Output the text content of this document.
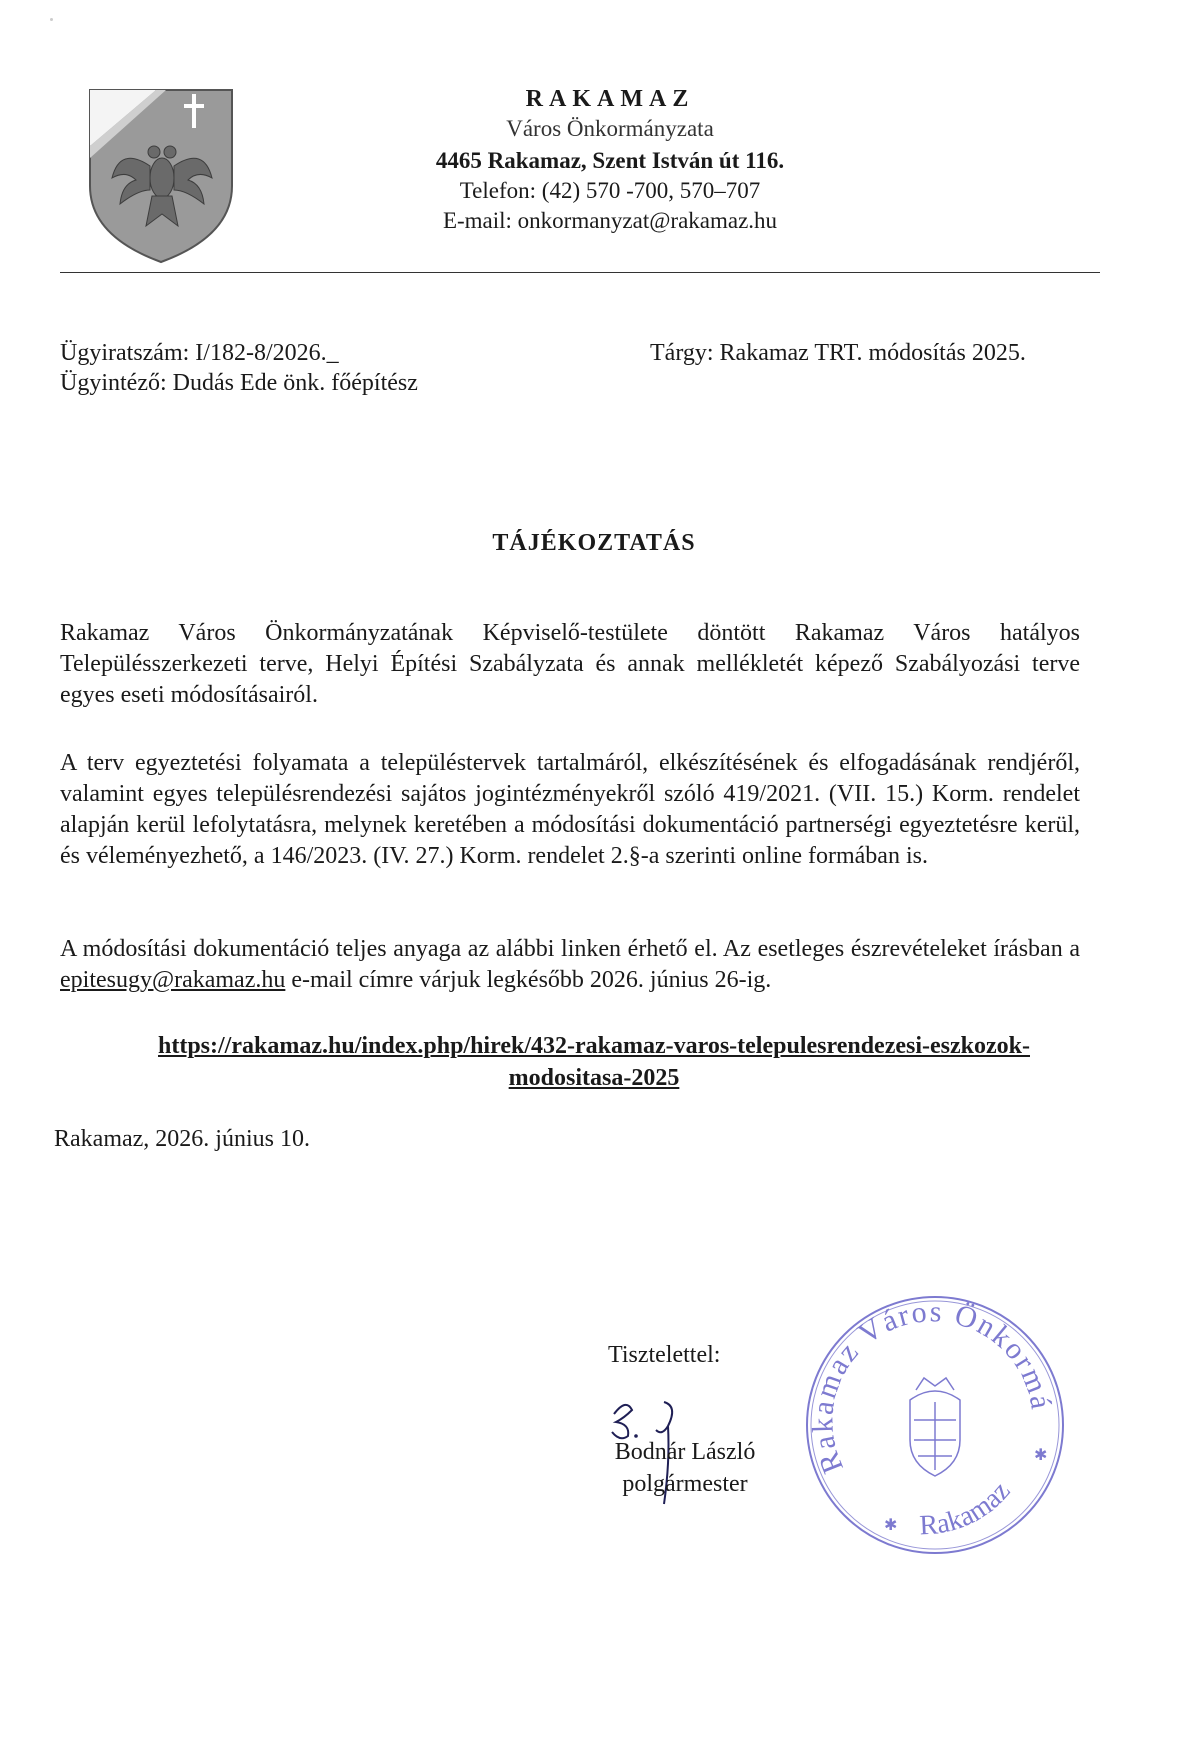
RAKAMAZ
Város Önkormányzata
4465 Rakamaz, Szent István út 116.
Telefon: (42) 570 -700, 570–707
E-mail: onkormanyzat@rakamaz.hu
Ügyiratszám: I/182-8/2026._
Ügyintéző: Dudás Ede önk. főépítész
Tárgy: Rakamaz TRT. módosítás 2025.
TÁJÉKOZTATÁS

Rakamaz Város Önkormányzatának Képviselő-testülete döntött Rakamaz Város hatályos Településszerkezeti terve, Helyi Építési Szabályzata és annak mellékletét képező Szabályozási terve egyes eseti módosításairól.

A terv egyeztetési folyamata a településtervek tartalmáról, elkészítésének és elfogadásának rendjéről, valamint egyes településrendezési sajátos jogintézményekről szóló 419/2021. (VII. 15.) Korm. rendelet alapján kerül lefolytatásra, melynek keretében a módosítási dokumentáció partnerségi egyeztetésre kerül, és véleményezhető, a 146/2023. (IV. 27.) Korm. rendelet 2.§-a szerinti online formában is.

A módosítási dokumentáció teljes anyaga az alábbi linken érhető el. Az esetleges észrevételeket írásban a epitesugy@rakamaz.hu e-mail címre várjuk legkésőbb 2026. június 26-ig.

https://rakamaz.hu/index.php/hirek/432-rakamaz-varos-telepulesrendezesi-eszkozok-
modositasa-2025
Rakamaz, 2026. június 10.
Tisztelettel:
Bodnár László
polgármester
Rakamaz Város Önkormá
Rakamaz
✱
✱
